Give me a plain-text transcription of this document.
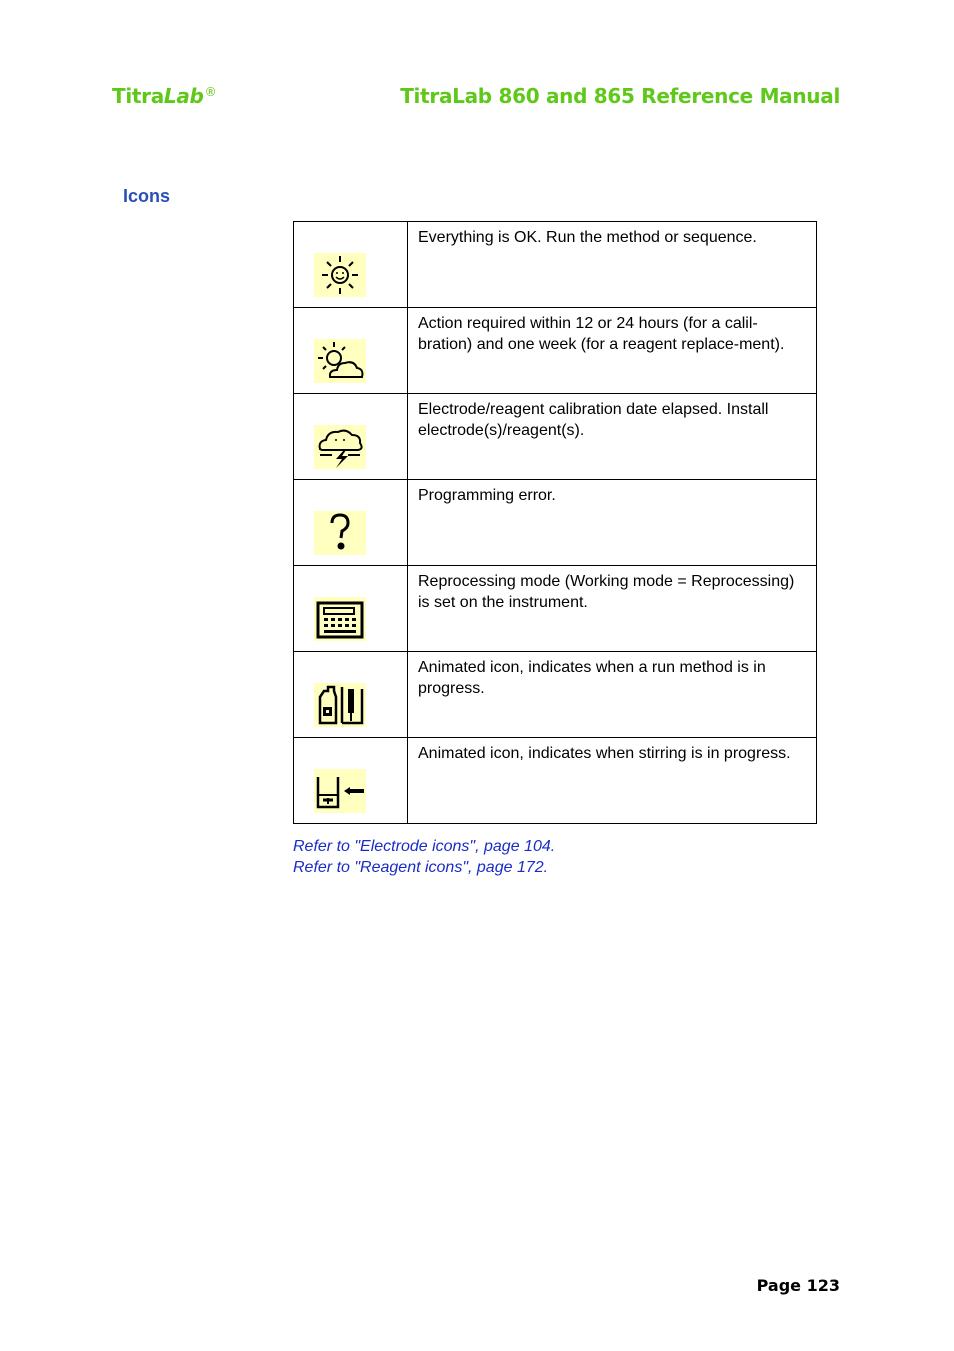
TitraLab®	TitraLab 860 and 865 Reference Manual
Icons
	Everything is OK. Run the method or sequence.

	Action required within 12 or 24 hours (for a calil-bration) and one week (for a reagent replace-ment).

	Electrode/reagent calibration date elapsed. Install electrode(s)/reagent(s).

	Programming error.

	Reprocessing mode (Working mode = Reprocessing) is set on the instrument.

	Animated icon, indicates when a run method is in progress.

	Animated icon, indicates when stirring is in progress.
Refer to "Electrode icons", page 104.
Refer to "Reagent icons", page 172.
Page 123
